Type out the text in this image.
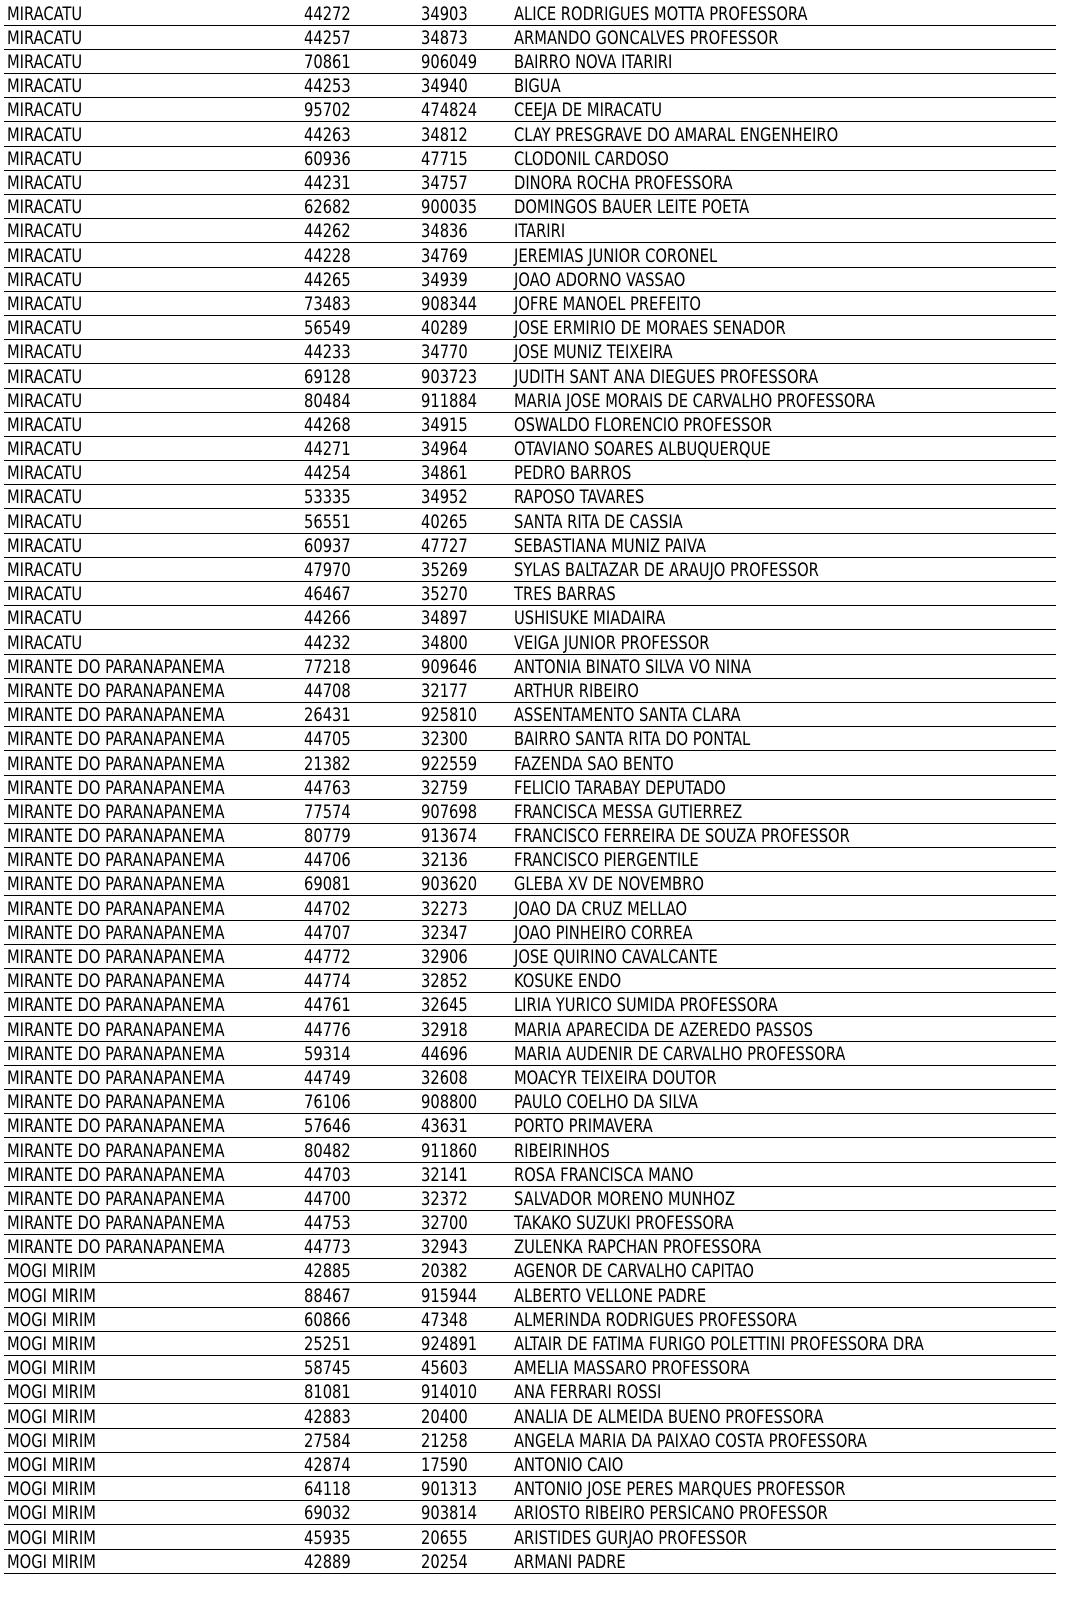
MIRACATU	44272	34903	ALICE RODRIGUES MOTTA PROFESSORA
MIRACATU	44257	34873	ARMANDO GONCALVES PROFESSOR
MIRACATU	70861	906049	BAIRRO NOVA ITARIRI
MIRACATU	44253	34940	BIGUA
MIRACATU	95702	474824	CEEJA DE MIRACATU
MIRACATU	44263	34812	CLAY PRESGRAVE DO AMARAL ENGENHEIRO
MIRACATU	60936	47715	CLODONIL CARDOSO
MIRACATU	44231	34757	DINORA ROCHA PROFESSORA
MIRACATU	62682	900035	DOMINGOS BAUER LEITE POETA
MIRACATU	44262	34836	ITARIRI
MIRACATU	44228	34769	JEREMIAS JUNIOR CORONEL
MIRACATU	44265	34939	JOAO ADORNO VASSAO
MIRACATU	73483	908344	JOFRE MANOEL PREFEITO
MIRACATU	56549	40289	JOSE ERMIRIO DE MORAES SENADOR
MIRACATU	44233	34770	JOSE MUNIZ TEIXEIRA
MIRACATU	69128	903723	JUDITH SANT ANA DIEGUES PROFESSORA
MIRACATU	80484	911884	MARIA JOSE MORAIS DE CARVALHO PROFESSORA
MIRACATU	44268	34915	OSWALDO FLORENCIO PROFESSOR
MIRACATU	44271	34964	OTAVIANO SOARES ALBUQUERQUE
MIRACATU	44254	34861	PEDRO BARROS
MIRACATU	53335	34952	RAPOSO TAVARES
MIRACATU	56551	40265	SANTA RITA DE CASSIA
MIRACATU	60937	47727	SEBASTIANA MUNIZ PAIVA
MIRACATU	47970	35269	SYLAS BALTAZAR DE ARAUJO PROFESSOR
MIRACATU	46467	35270	TRES BARRAS
MIRACATU	44266	34897	USHISUKE MIADAIRA
MIRACATU	44232	34800	VEIGA JUNIOR PROFESSOR
MIRANTE DO PARANAPANEMA	77218	909646	ANTONIA BINATO SILVA VO NINA
MIRANTE DO PARANAPANEMA	44708	32177	ARTHUR RIBEIRO
MIRANTE DO PARANAPANEMA	26431	925810	ASSENTAMENTO SANTA CLARA
MIRANTE DO PARANAPANEMA	44705	32300	BAIRRO SANTA RITA DO PONTAL
MIRANTE DO PARANAPANEMA	21382	922559	FAZENDA SAO BENTO
MIRANTE DO PARANAPANEMA	44763	32759	FELICIO TARABAY DEPUTADO
MIRANTE DO PARANAPANEMA	77574	907698	FRANCISCA MESSA GUTIERREZ
MIRANTE DO PARANAPANEMA	80779	913674	FRANCISCO FERREIRA DE SOUZA PROFESSOR
MIRANTE DO PARANAPANEMA	44706	32136	FRANCISCO PIERGENTILE
MIRANTE DO PARANAPANEMA	69081	903620	GLEBA XV DE NOVEMBRO
MIRANTE DO PARANAPANEMA	44702	32273	JOAO DA CRUZ MELLAO
MIRANTE DO PARANAPANEMA	44707	32347	JOAO PINHEIRO CORREA
MIRANTE DO PARANAPANEMA	44772	32906	JOSE QUIRINO CAVALCANTE
MIRANTE DO PARANAPANEMA	44774	32852	KOSUKE ENDO
MIRANTE DO PARANAPANEMA	44761	32645	LIRIA YURICO SUMIDA PROFESSORA
MIRANTE DO PARANAPANEMA	44776	32918	MARIA APARECIDA DE AZEREDO PASSOS
MIRANTE DO PARANAPANEMA	59314	44696	MARIA AUDENIR DE CARVALHO PROFESSORA
MIRANTE DO PARANAPANEMA	44749	32608	MOACYR TEIXEIRA DOUTOR
MIRANTE DO PARANAPANEMA	76106	908800	PAULO COELHO DA SILVA
MIRANTE DO PARANAPANEMA	57646	43631	PORTO PRIMAVERA
MIRANTE DO PARANAPANEMA	80482	911860	RIBEIRINHOS
MIRANTE DO PARANAPANEMA	44703	32141	ROSA FRANCISCA MANO
MIRANTE DO PARANAPANEMA	44700	32372	SALVADOR MORENO MUNHOZ
MIRANTE DO PARANAPANEMA	44753	32700	TAKAKO SUZUKI PROFESSORA
MIRANTE DO PARANAPANEMA	44773	32943	ZULENKA RAPCHAN PROFESSORA
MOGI MIRIM	42885	20382	AGENOR DE CARVALHO CAPITAO
MOGI MIRIM	88467	915944	ALBERTO VELLONE PADRE
MOGI MIRIM	60866	47348	ALMERINDA RODRIGUES PROFESSORA
MOGI MIRIM	25251	924891	ALTAIR DE FATIMA FURIGO POLETTINI PROFESSORA DRA
MOGI MIRIM	58745	45603	AMELIA MASSARO PROFESSORA
MOGI MIRIM	81081	914010	ANA FERRARI ROSSI
MOGI MIRIM	42883	20400	ANALIA DE ALMEIDA BUENO PROFESSORA
MOGI MIRIM	27584	21258	ANGELA MARIA DA PAIXAO COSTA PROFESSORA
MOGI MIRIM	42874	17590	ANTONIO CAIO
MOGI MIRIM	64118	901313	ANTONIO JOSE PERES MARQUES PROFESSOR
MOGI MIRIM	69032	903814	ARIOSTO RIBEIRO PERSICANO PROFESSOR
MOGI MIRIM	45935	20655	ARISTIDES GURJAO PROFESSOR
MOGI MIRIM	42889	20254	ARMANI PADRE
